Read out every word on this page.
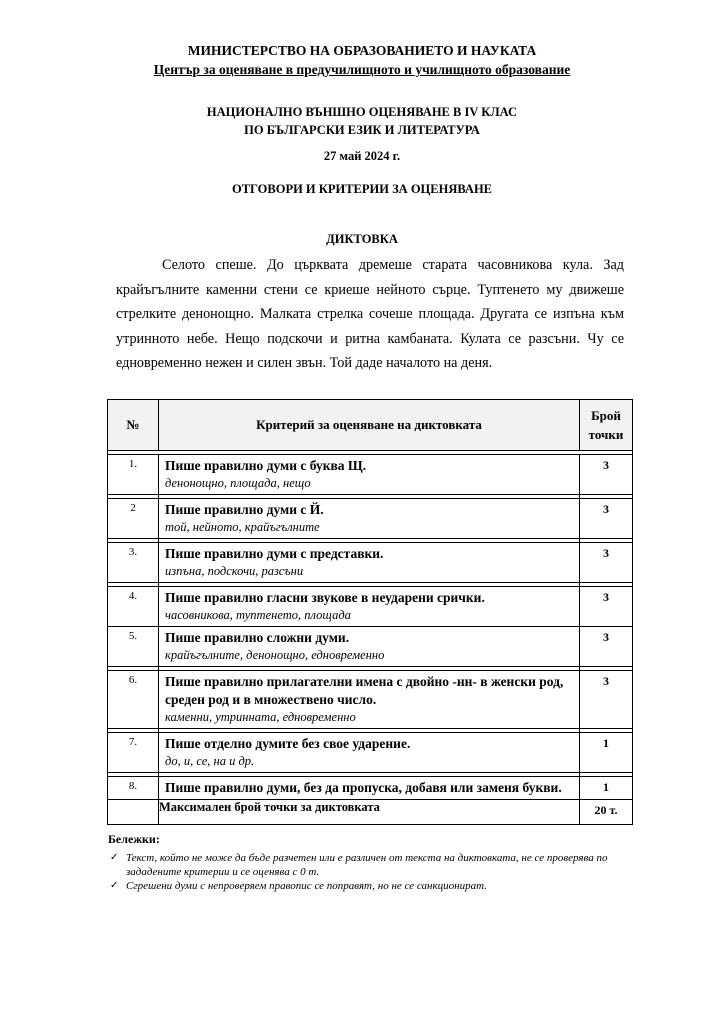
МИНИСТЕРСТВО НА ОБРАЗОВАНИЕТО И НАУКАТА
Център за оценяване в предучилищното и училищното образование
НАЦИОНАЛНО ВЪНШНО ОЦЕНЯВАНЕ В IV КЛАС
ПО БЪЛГАРСКИ ЕЗИК И ЛИТЕРАТУРА
27 май 2024 г.
ОТГОВОРИ И КРИТЕРИИ ЗА ОЦЕНЯВАНЕ
ДИКТОВКА

Селото спеше. До църквата дремеше старата часовникова кула. Зад крайъгълните каменни стени се криеше нейното сърце. Туптенето му движеше стрелките денонощно. Малката стрелка сочеше площада. Другата се изпъна към утринното небе. Нещо подскочи и ритна камбаната. Кулата се разсъни. Чу се едновременно нежен и силен звън. Той даде началото на деня.

№	Критерий за оценяване на диктовката	Брой точки

1.	Пише правилно думи с буква Щ.
денонощно, площада, нещо	3

2	Пише правилно думи с Й.
той, нейното, крайъгълните	3

3.	Пише правилно думи с представки.
изпъна, подскочи, разсъни	3

4.	Пише правилно гласни звукове в неударени срички.
часовникова, туптенето, площада	3
5.	Пише правилно сложни думи.
крайъгълните, денонощно, едновременно	3

6.	Пише правилно прилагателни имена с двойно -нн- в женски род, среден род и в множествено число.
каменни, утринната, едновременно	3

7.	Пише отделно думите без свое ударение.
до, и, се, на и др.	1

8.	Пише правилно думи, без да пропуска, добавя или заменя букви.	1
	Максимален брой точки за диктовката	20 т.
Бележки:
✓ Текст, който не може да бъде разчетен или е различен от текста на диктовката, не се проверява по зададените критерии и се оценява с 0 т.
✓ Сгрешени думи с непроверяем правопис се поправят, но не се санкционират.
